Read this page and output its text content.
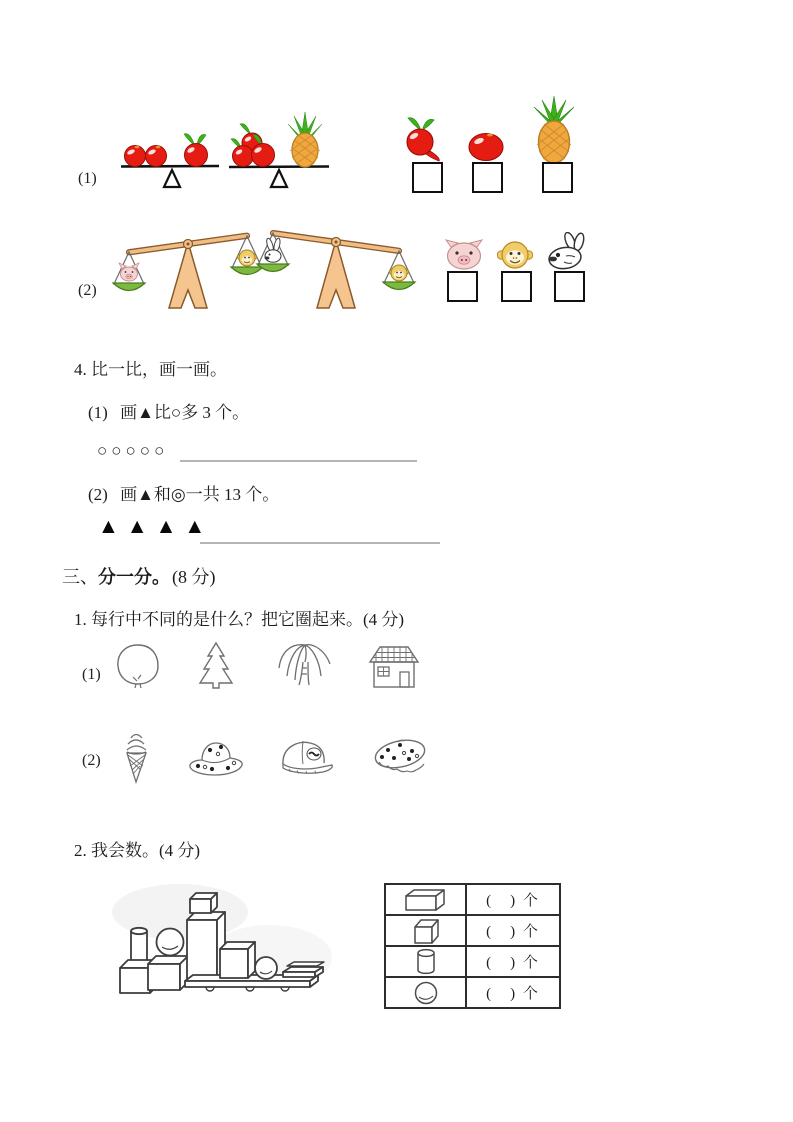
(1)
(2)
4. 比一比，画一画。
(1) 画▲比○多 3 个。
○○○○○
(2) 画▲和◎一共 13 个。
▲▲▲▲
三、分一分。 (8 分)
1. 每行中不同的是什么？把它圈起来。(4 分)
(1)
(2)
2. 我会数。(4 分)
	(　) 个

	(　) 个

	(　) 个

	(　) 个
